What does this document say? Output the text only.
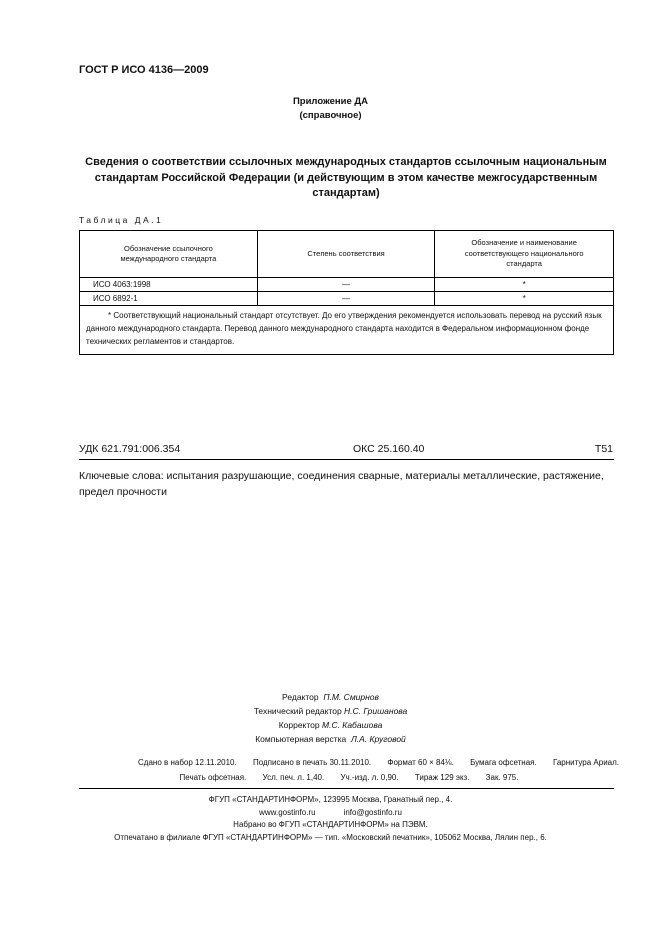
ГОСТ Р ИСО 4136—2009
Приложение ДА
(справочное)
Сведения о соответствии ссылочных международных стандартов ссылочным национальным стандартам Российской Федерации (и действующим в этом качестве межгосударственным стандартам)
Таблица ДА.1
Обозначение ссылочного международного стандарта	Степень соответствия	Обозначение и наименование соответствующего национального стандарта

ИСО 4063:1998	—	*
ИСО 6892-1	—	*

* Соответствующий национальный стандарт отсутствует. До его утверждения рекомендуется использовать перевод на русский язык данного международного стандарта. Перевод данного международного стандарта находится в Федеральном информационном фонде технических регламентов и стандартов.		
УДК 621.791:006.354	ОКС 25.160.40	Т51
Ключевые слова: испытания разрушающие, соединения сварные, материалы металлические, растяжение, предел прочности
Редактор П.М. Смирнов
Технический редактор Н.С. Гришанова
Корректор М.С. Кабашова
Компьютерная верстка Л.А. Круговой
Сдано в набор 12.11.2010. Подписано в печать 30.11.2010. Формат 60 × 84⅛. Бумага офсетная. Гарнитура Ариал.
Печать офсетная. Усл. печ. л. 1,40. Уч.-изд. л. 0,90. Тираж 129 экз. Зак. 975.
ФГУП «СТАНДАРТИНФОРМ», 123995 Москва, Гранатный пер., 4.
www.gostinfo.ru	info@gostinfo.ru
Набрано во ФГУП «СТАНДАРТИНФОРМ» на ПЭВМ.
Отпечатано в филиале ФГУП «СТАНДАРТИНФОРМ» — тип. «Московский печатник», 105062 Москва, Лялин пер., 6.
